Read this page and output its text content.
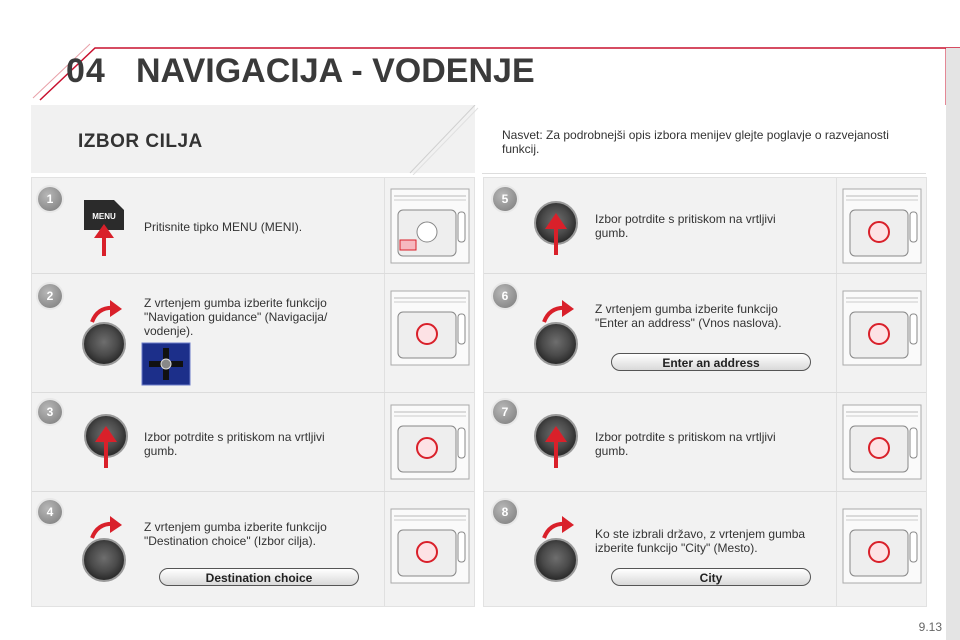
04 NAVIGACIJA - VODENJE
IZBOR CILJA	Nasvet: Za podrobnejši opis izbora menijev glejte poglavje o razvejanosti funkcij.
1
2
3
4
5
6
7
8
Pritisnite tipko MENU (MENI).
Z vrtenjem gumba izberite funkcijo "Navigation guidance" (Navigacija/ vodenje).
Izbor potrdite s pritiskom na vrtljivi gumb.
Z vrtenjem gumba izberite funkcijo "Destination choice" (Izbor cilja).
Izbor potrdite s pritiskom na vrtljivi gumb.
Z vrtenjem gumba izberite funkcijo "Enter an address" (Vnos naslova).
Izbor potrdite s pritiskom na vrtljivi gumb.
Ko ste izbrali državo, z vrtenjem gumba izberite funkcijo "City" (Mesto).
Destination choice
Enter an address
City
MENU
9.13
